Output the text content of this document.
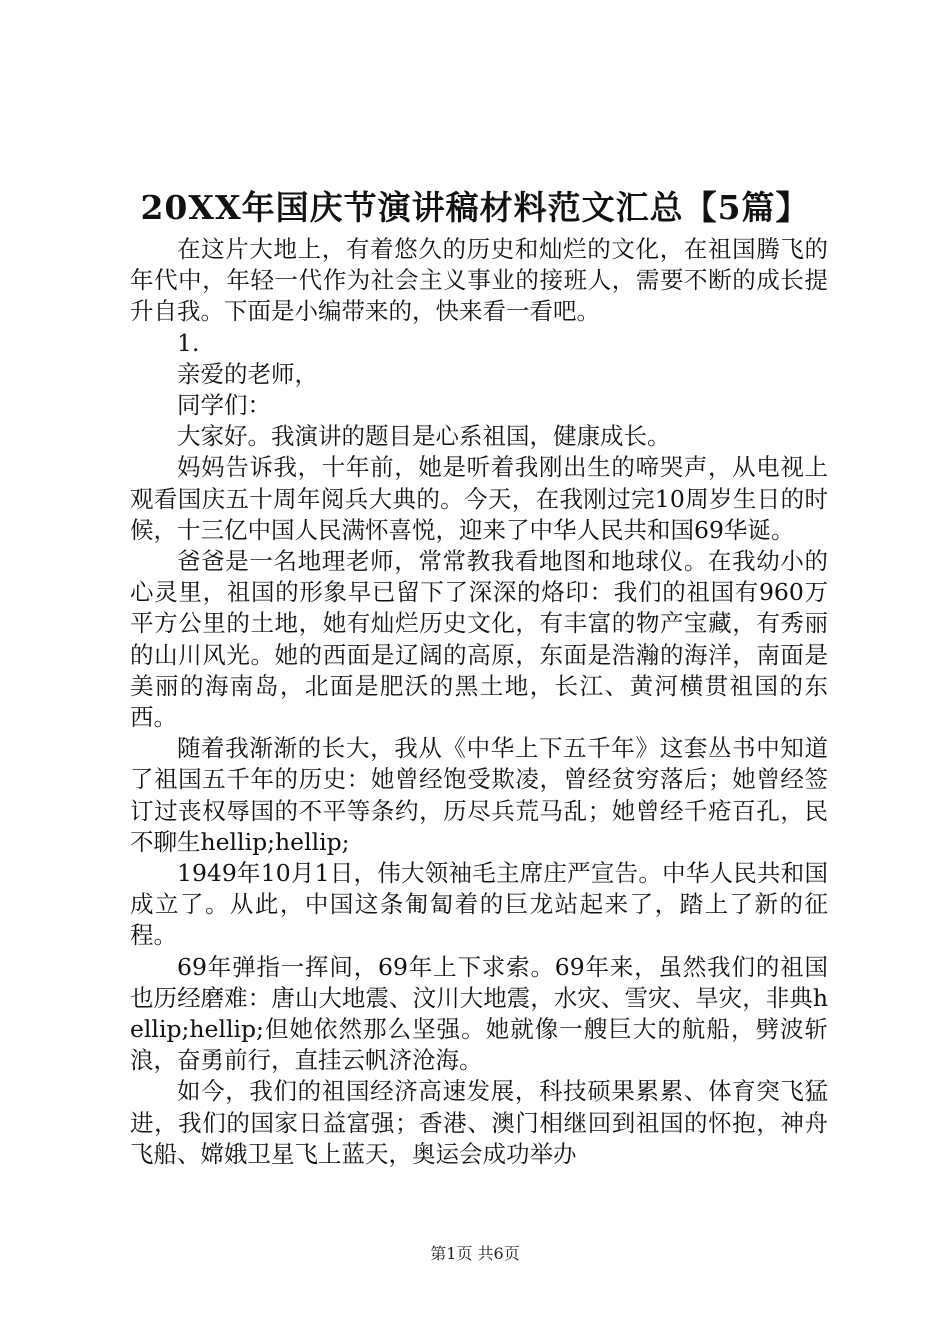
20XX年国庆节演讲稿材料范文汇总【5篇】

在这片大地上，有着悠久的历史和灿烂的文化，在祖国腾飞的年代中，年轻一代作为社会主义事业的接班人，需要不断的成长提升自我。下面是小编带来的，快来看一看吧。

1.

亲爱的老师，

同学们：

大家好。我演讲的题目是心系祖国，健康成长。

妈妈告诉我，十年前，她是听着我刚出生的啼哭声，从电视上观看国庆五十周年阅兵大典的。今天，在我刚过完10周岁生日的时候，十三亿中国人民满怀喜悦，迎来了中华人民共和国69华诞。

爸爸是一名地理老师，常常教我看地图和地球仪。在我幼小的心灵里，祖国的形象早已留下了深深的烙印：我们的祖国有960万平方公里的土地，她有灿烂历史文化，有丰富的物产宝藏，有秀丽的山川风光。她的西面是辽阔的高原，东面是浩瀚的海洋，南面是美丽的海南岛，北面是肥沃的黑土地，长江、黄河横贯祖国的东西。

随着我渐渐的长大，我从《中华上下五千年》这套丛书中知道了祖国五千年的历史：她曾经饱受欺凌，曾经贫穷落后；她曾经签订过丧权辱国的不平等条约，历尽兵荒马乱；她曾经千疮百孔，民不聊生hellip;hellip;

1949年10月1日，伟大领袖毛主席庄严宣告。中华人民共和国成立了。从此，中国这条匍匐着的巨龙站起来了，踏上了新的征程。

69年弹指一挥间，69年上下求索。69年来，虽然我们的祖国也历经磨难：唐山大地震、汶川大地震，水灾、雪灾、旱灾，非典hellip;hellip;但她依然那么坚强。她就像一艘巨大的航船，劈波斩浪，奋勇前行，直挂云帆济沧海。

如今，我们的祖国经济高速发展，科技硕果累累、体育突飞猛进，我们的国家日益富强；香港、澳门相继回到祖国的怀抱，神舟飞船、嫦娥卫星飞上蓝天，奥运会成功举办

第1页 共6页
